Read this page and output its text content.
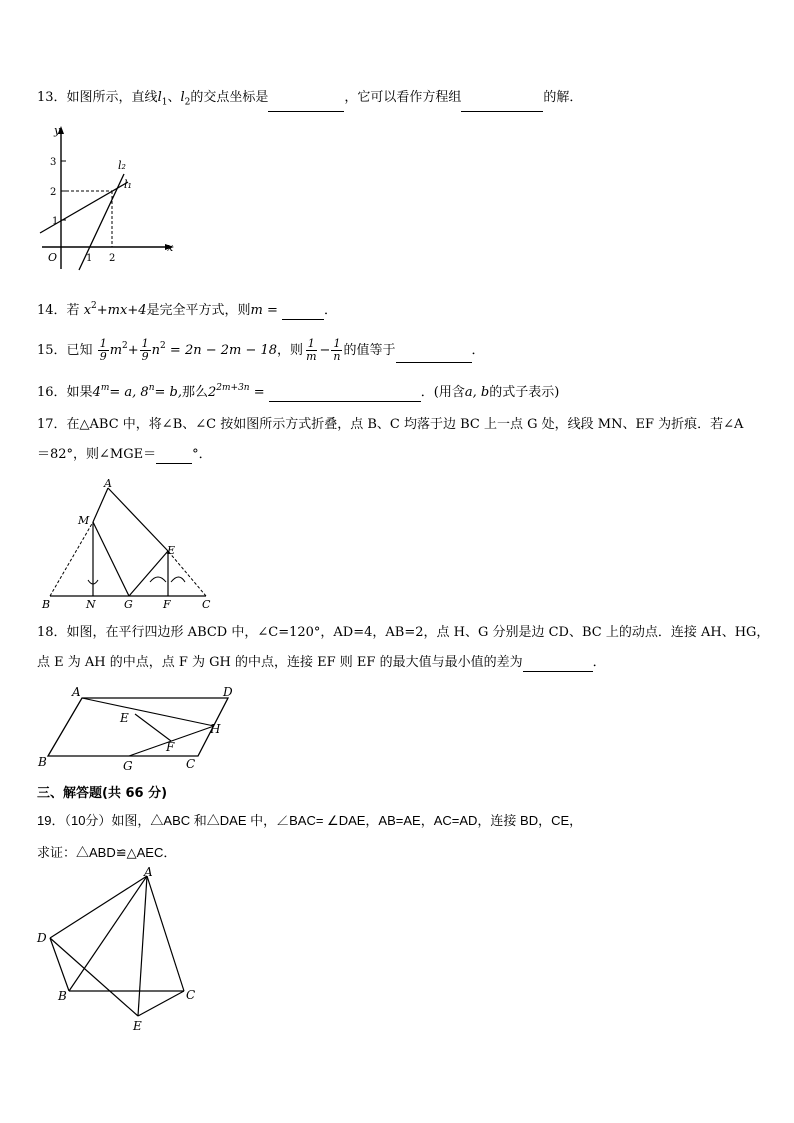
13．如图所示，直线$l_1$、$l_2$的交点坐标是	，它可以看作方程组	的解．
y
x
O
3
2
1
1 2
l₂
l₁
14．若 $x^2+mx+4$是完全平方式，则m =	．
15．已知 $\frac{1}{9} m^2+ \frac{1}{9} n^2 = 2n - 2m - 18$，则 $\frac{1}{m} - \frac{1}{n}$ 的值等于	．
16．如果$4^m= a$, $8^n= b$,那么$2^{2m+3n}$ =	．(用含a, b的式子表示)
17．在△ABC 中，将∠B、∠C 按如图所示方式折叠，点 B、C 均落于边 BC 上一点 G 处，线段 MN、EF 为折痕．若∠A
＝82°，则∠MGE＝	°．
A
M
E
B	N	G	F	C
18．如图，在平行四边形 ABCD 中，∠C=120°，AD=4，AB=2，点 H、G 分别是边 CD、BC 上的动点．连接 AH、HG，
点 E 为 AH 的中点，点 F 为 GH 的中点，连接 EF 则 EF 的最大值与最小值的差为	．
A	D
E
H
F
B	G	C
三、解答题(共 66 分)
19．（10分）如图，△ABC 和△DAE 中，∠BAC= ∠DAE，AB=AE，AC=AD，连接 BD，CE，
求证：△ABD≌△AEC．
A
D
B	C
E
